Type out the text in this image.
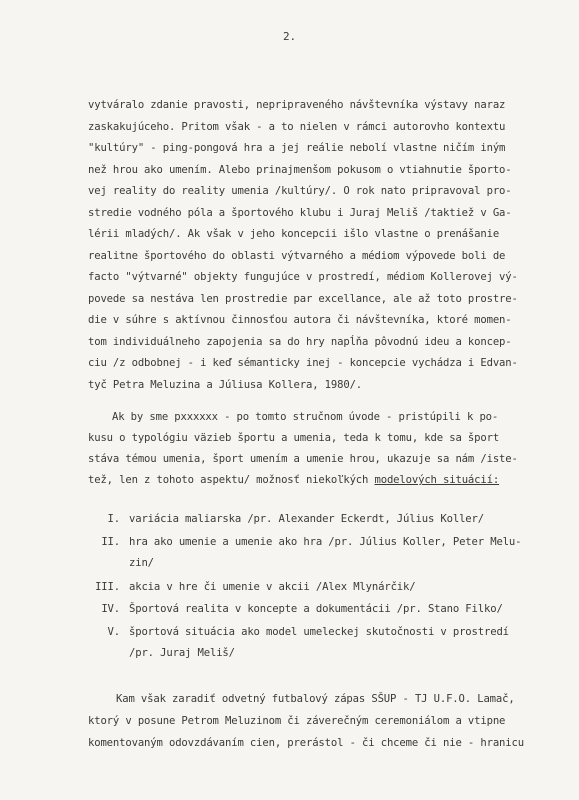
2.
vytváralo zdanie pravosti, nepripraveného návštevníka výstavy naraz
zaskakujúceho. Pritom však - a to nielen v rámci autorovho kontextu
"kultúry" - ping-pongová hra a jej reálie nebolí vlastne ničím iným
než hrou ako umením. Alebo prinajmenšom pokusom o vtiahnutie športo-
vej reality do reality umenia /kultúry/. O rok nato pripravoval pro-
stredie vodného póla a športového klubu i Juraj Meliš /taktiež v Ga-
lérii mladých/. Ak však v jeho koncepcii išlo vlastne o prenášanie
realitne športového do oblasti výtvarného a médiom výpovede boli de
facto "výtvarné" objekty fungujúce v prostredí, médiom Kollerovej vý-
povede sa nestáva len prostredie par excellance, ale až toto prostre-
die v súhre s aktívnou činnosťou autora či návštevníka, ktoré momen-
tom individuálneho zapojenia sa do hry napĺňa pôvodnú ideu a koncep-
ciu /z odbobnej - i keď sémanticky inej - koncepcie vychádza i Edvan-
tyč Petra Meluzina a Júliusa Kollera, 1980/.
Ak by sme pxxxxxx - po tomto stručnom úvode - pristúpili k po-
kusu o typológiu väzieb športu a umenia, teda k tomu, kde sa šport
stáva témou umenia, šport umením a umenie hrou, ukazuje sa nám /iste-
tež, len z tohoto aspektu/ možnosť niekoľkých modelových situácií:
I. variácia maliarska /pr. Alexander Eckerdt, Július Koller/
II. hra ako umenie a umenie ako hra /pr. Július Koller, Peter Melu-
zin/
III. akcia v hre či umenie v akcii /Alex Mlynárčik/
IV. Športová realita v koncepte a dokumentácii /pr. Stano Filko/
V. športová situácia ako model umeleckej skutočnosti v prostredí
/pr. Juraj Meliš/
Kam však zaradiť odvetný futbalový zápas SŠUP - TJ U.F.O. Lamač,
ktorý v posune Petrom Meluzinom či záverečným ceremoniálom a vtipne
komentovaným odovzdávaním cien, prerástol - či chceme či nie - hranicu
